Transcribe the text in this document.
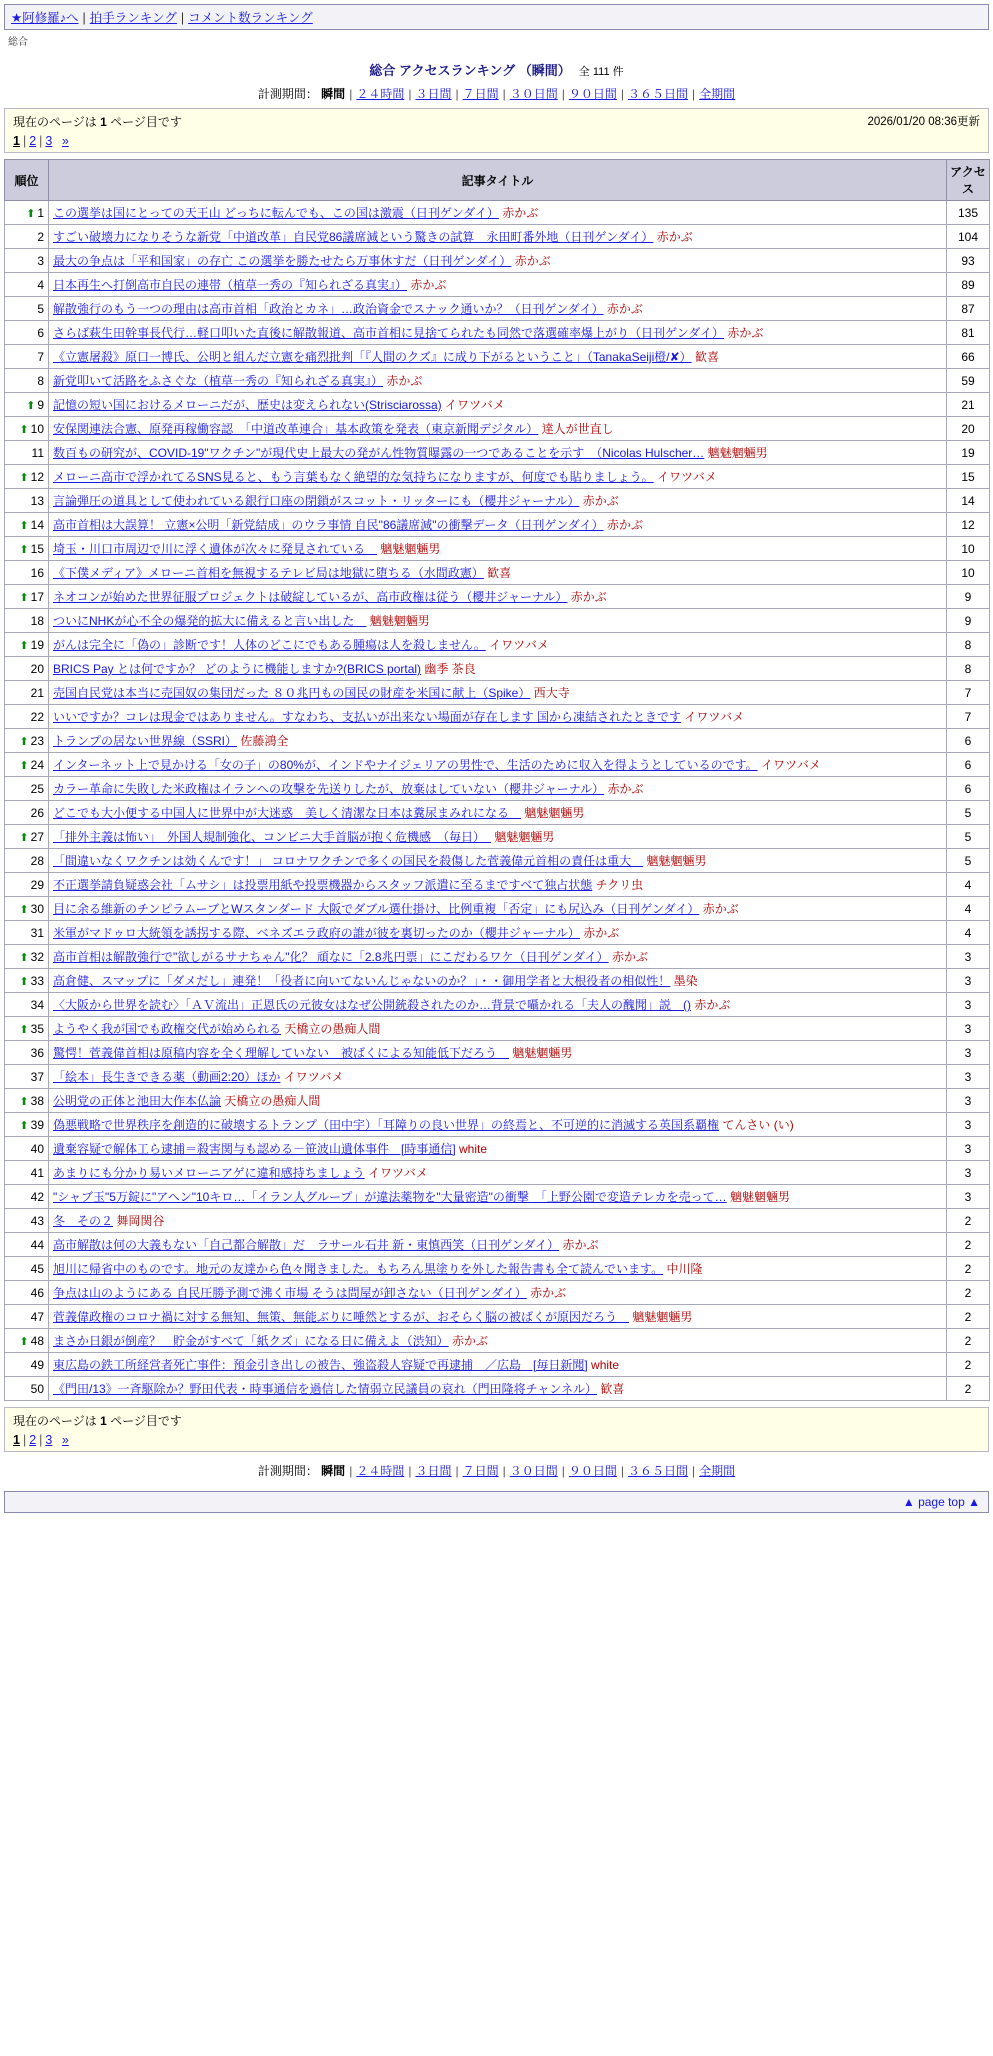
★阿修羅♪へ | 拍手ランキング | コメント数ランキング
総合
総合 アクセスランキング （瞬間） 全 111 件
計測期間： 瞬間 | ２４時間 | ３日間 | ７日間 | ３０日間 | ９０日間 | ３６５日間 | 全期間
現在のページは 1 ページ目です	2026/01/20 08:36更新
1 | 2 | 3 »
順位	記事タイトル	アクセス
⬆ 1	この選挙は国にとっての天王山 どっちに転んでも、この国は激震（日刊ゲンダイ） 赤かぶ	135
2	すごい破壊力になりそうな新党「中道改革」自民党86議席減という驚きの試算　永田町番外地（日刊ゲンダイ） 赤かぶ	104
3	最大の争点は「平和国家」の存亡 この選挙を勝たせたら万事休すだ（日刊ゲンダイ） 赤かぶ	93
4	日本再生へ打倒高市自民の連帯（植草一秀の『知られざる真実』） 赤かぶ	89
5	解散強行のもう一つの理由は高市首相「政治とカネ」…政治資金でスナック通いか？（日刊ゲンダイ） 赤かぶ	87
6	さらば萩生田幹事長代行…軽口叩いた直後に解散報道、高市首相に見捨てられたも同然で落選確率爆上がり（日刊ゲンダイ） 赤かぶ	81
7	《立憲屠殺》原口一博氏、公明と組んだ立憲を痛烈批判「『人間のクズ』に成り下がるということ」（TanakaSeiji橙/✘） 歓喜	66
8	新党叩いて活路をふさぐな（植草一秀の『知られざる真実』） 赤かぶ	59
⬆ 9	記憶の短い国におけるメローニだが、歴史は変えられない(Strisciarossa) イワツバメ	21
⬆ 10	安保関連法合憲、原発再稼働容認　「中道改革連合」基本政策を発表（東京新聞デジタル） 達人が世直し	20
11	数百もの研究が、COVID-19"ワクチン"が現代史上最大の発がん性物質曝露の一つであることを示す　（Nicolas Hulscher… 魑魅魍魎男	19
⬆ 12	メローニ高市で浮かれてるSNS見ると、もう言葉もなく絶望的な気持ちになりますが、何度でも貼りましょう。 イワツバメ	15
13	言論弾圧の道具として使われている銀行口座の閉鎖がスコット・リッターにも（櫻井ジャーナル） 赤かぶ	14
⬆ 14	高市首相は大誤算！ 立憲×公明「新党結成」のウラ事情 自民"86議席減"の衝撃データ（日刊ゲンダイ） 赤かぶ	12
⬆ 15	埼玉・川口市周辺で川に浮く遺体が次々に発見されている　 魑魅魍魎男	10
16	《下僕メディア》メローニ首相を無視するテレビ局は地獄に堕ちる（水間政憲） 歓喜	10
⬆ 17	ネオコンが始めた世界征服プロジェクトは破綻しているが、高市政権は従う（櫻井ジャーナル） 赤かぶ	9
18	ついにNHKが心不全の爆発的拡大に備えると言い出した　 魑魅魍魎男	9
⬆ 19	がんは完全に「偽の」診断です！人体のどこにでもある腫瘍は人を殺しません。 イワツバメ	8
20	BRICS Pay とは何ですか？ どのように機能しますか?(BRICS portal) 幽季 茶良	8
21	売国自民党は本当に売国奴の集団だった ８０兆円もの国民の財産を米国に献上（Spike） 西大寺	7
22	いいですか？コレは現金ではありません。すなわち、支払いが出来ない場面が存在します 国から凍結されたときです イワツバメ	7
⬆ 23	トランプの居ない世界線（SSRI） 佐藤鴻全	6
⬆ 24	インターネット上で見かける「女の子」の80%が、インドやナイジェリアの男性で、生活のために収入を得ようとしているのです。 イワツバメ	6
25	カラー革命に失敗した米政権はイランへの攻撃を先送りしたが、放棄はしていない（櫻井ジャーナル） 赤かぶ	6
26	どこでも大小便する中国人に世界中が大迷惑　美しく清潔な日本は糞尿まみれになる　 魑魅魍魎男	5
⬆ 27	「排外主義は怖い」　外国人規制強化、コンビニ大手首脳が抱く危機感　（毎日）　 魑魅魍魎男	5
28	「間違いなくワクチンは効くんです！」 コロナワクチンで多くの国民を殺傷した菅義偉元首相の責任は重大　 魑魅魍魎男	5
29	不正選挙請負疑惑会社「ムサシ」は投票用紙や投票機器からスタッフ派遣に至るまですべて独占状態 チクリ虫	4
⬆ 30	目に余る維新のチンピラムーブとWスタンダード 大阪でダブル選仕掛け、比例重複「否定」にも尻込み（日刊ゲンダイ） 赤かぶ	4
31	米軍がマドゥロ大統領を誘拐する際、ベネズエラ政府の誰が彼を裏切ったのか（櫻井ジャーナル） 赤かぶ	4
⬆ 32	高市首相は解散強行で"欲しがるサナちゃん"化？ 頑なに「2.8兆円票」にこだわるワケ（日刊ゲンダイ） 赤かぶ	3
⬆ 33	高倉健、スマップに「ダメだし」連発！「役者に向いてないんじゃないのか？」・・御用学者と大根役者の相似性！ 墨染	3
34	〈大阪から世界を読む〉「ＡＶ流出」正恩氏の元彼女はなぜ公開銃殺されたのか…背景で囁かれる「夫人の醜聞」説　() 赤かぶ	3
⬆ 35	ようやく我が国でも政権交代が始められる 天橋立の愚痴人間	3
36	驚愕！菅義偉首相は原稿内容を全く理解していない　被ばくによる知能低下だろう　 魑魅魍魎男	3
37	「絵本」長生きできる薬（動画2:20）ほか イワツバメ	3
⬆ 38	公明党の正体と池田大作本仏論 天橋立の愚痴人間	3
⬆ 39	偽悪戦略で世界秩序を創造的に破壊するトランプ（田中宇）「耳障りの良い世界」の終焉と、不可逆的に消滅する英国系覇権 てんさい (い)	3
40	遺棄容疑で解体工ら逮捕＝殺害関与も認める－笹波山遺体事件　[時事通信] white	3
41	あまりにも分かり易いメローニアゲに違和感持ちましょう イワツバメ	3
42	"シャブ玉"5万錠に"アヘン"10キロ…「イラン人グループ」が違法薬物を"大量密造"の衝撃　「上野公園で変造テレカを売って… 魑魅魍魎男	3
43	冬　その２ 舞岡関谷	2
44	高市解散は何の大義もない「自己都合解散」だ　ラサール石井 新・東慎西笑（日刊ゲンダイ） 赤かぶ	2
45	旭川に帰省中のものです。地元の友達から色々聞きました。もちろん黒塗りを外した報告書も全て読んでいます。 中川隆	2
46	争点は山のようにある 自民圧勝予測で沸く市場 そうは問屋が卸さない（日刊ゲンダイ） 赤かぶ	2
47	菅義偉政権のコロナ禍に対する無知、無策、無能ぶりに唾然とするが、おそらく脳の被ばくが原因だろう　 魑魅魍魎男	2
⬆ 48	まさか日銀が倒産？　貯金がすべて「紙クズ」になる日に備えよ（渋知） 赤かぶ	2
49	東広島の鉄工所経営者死亡事件：預金引き出しの被告、強盗殺人容疑で再逮捕　／広島　[毎日新聞] white	2
50	《門田/13》一斉駆除か？野田代表・時事通信を過信した情弱立民議員の哀れ（門田隆将チャンネル） 歓喜	2
現在のページは 1 ページ目です
1 | 2 | 3 »
計測期間： 瞬間 | ２４時間 | ３日間 | ７日間 | ３０日間 | ９０日間 | ３６５日間 | 全期間
▲ page top ▲
